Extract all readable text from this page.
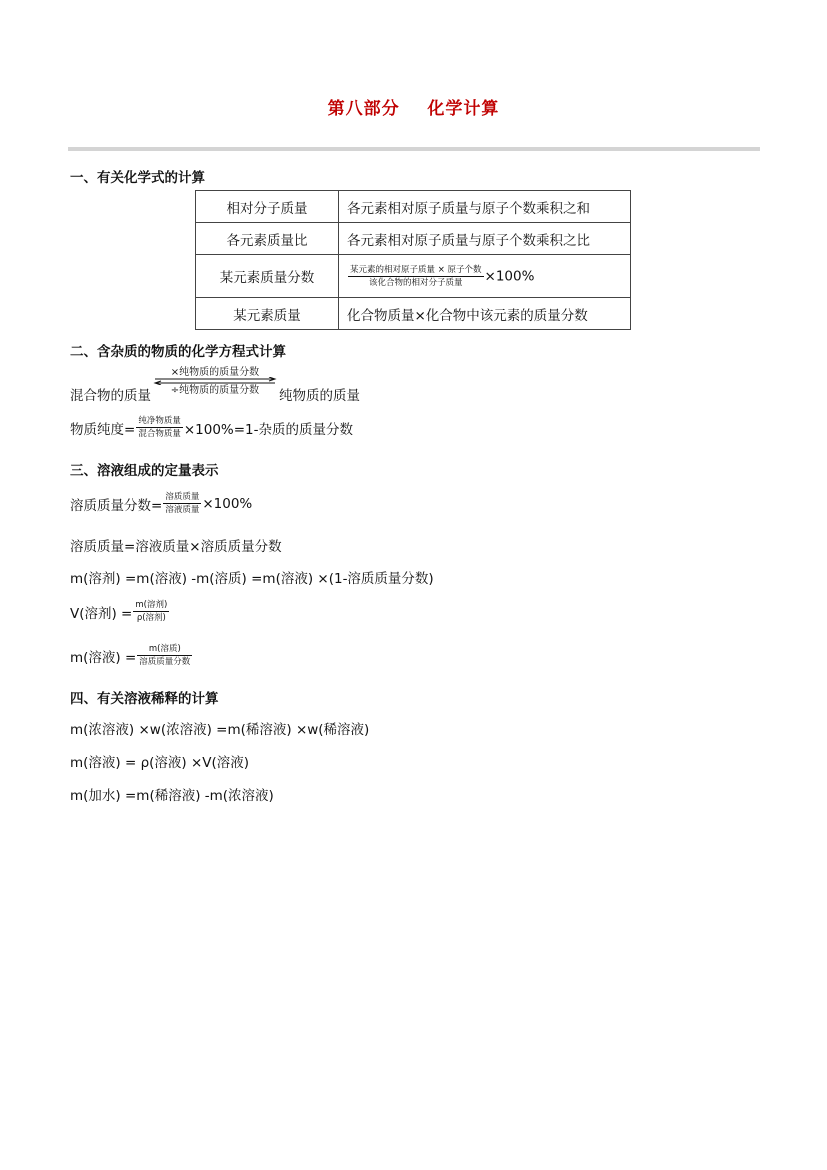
第八部分    化学计算
一、有关化学式的计算
相对分子质量	各元素相对原子质量与原子个数乘积之和
各元素质量比	各元素相对原子质量与原子个数乘积之比
某元素质量分数	$\frac{\text{某元素的相对原子质量 × 原子个数}}{\text{该化合物的相对分子质量}} \times 100\%$
某元素质量	化合物质量×化合物中该元素的质量分数
二、含杂质的物质的化学方程式计算
混合物的质量
×纯物质的质量分数
÷纯物质的质量分数	纯物质的质量
物质纯度= $\frac{\text{纯净物质量}}{\text{混合物质量}} \times 100\%=1-$杂质的质量分数
三、溶液组成的定量表示
溶质质量分数= $\frac{\text{溶质质量}}{\text{溶液质量}} \times 100\%$
溶质质量=溶液质量×溶质质量分数
m(溶剂) =m(溶液) -m(溶质) =m(溶液) ×(1-溶质质量分数)
V(溶剂) = $\frac{\text{m(溶剂)}}{\text{ρ(溶剂)}}$
m(溶液) = $\frac{\text{m(溶质)}}{\text{溶质质量分数}}$
四、有关溶液稀释的计算
m(浓溶液) ×w(浓溶液) =m(稀溶液) ×w(稀溶液)
m(溶液) = ρ(溶液) ×V(溶液)
m(加水) =m(稀溶液) -m(浓溶液)
